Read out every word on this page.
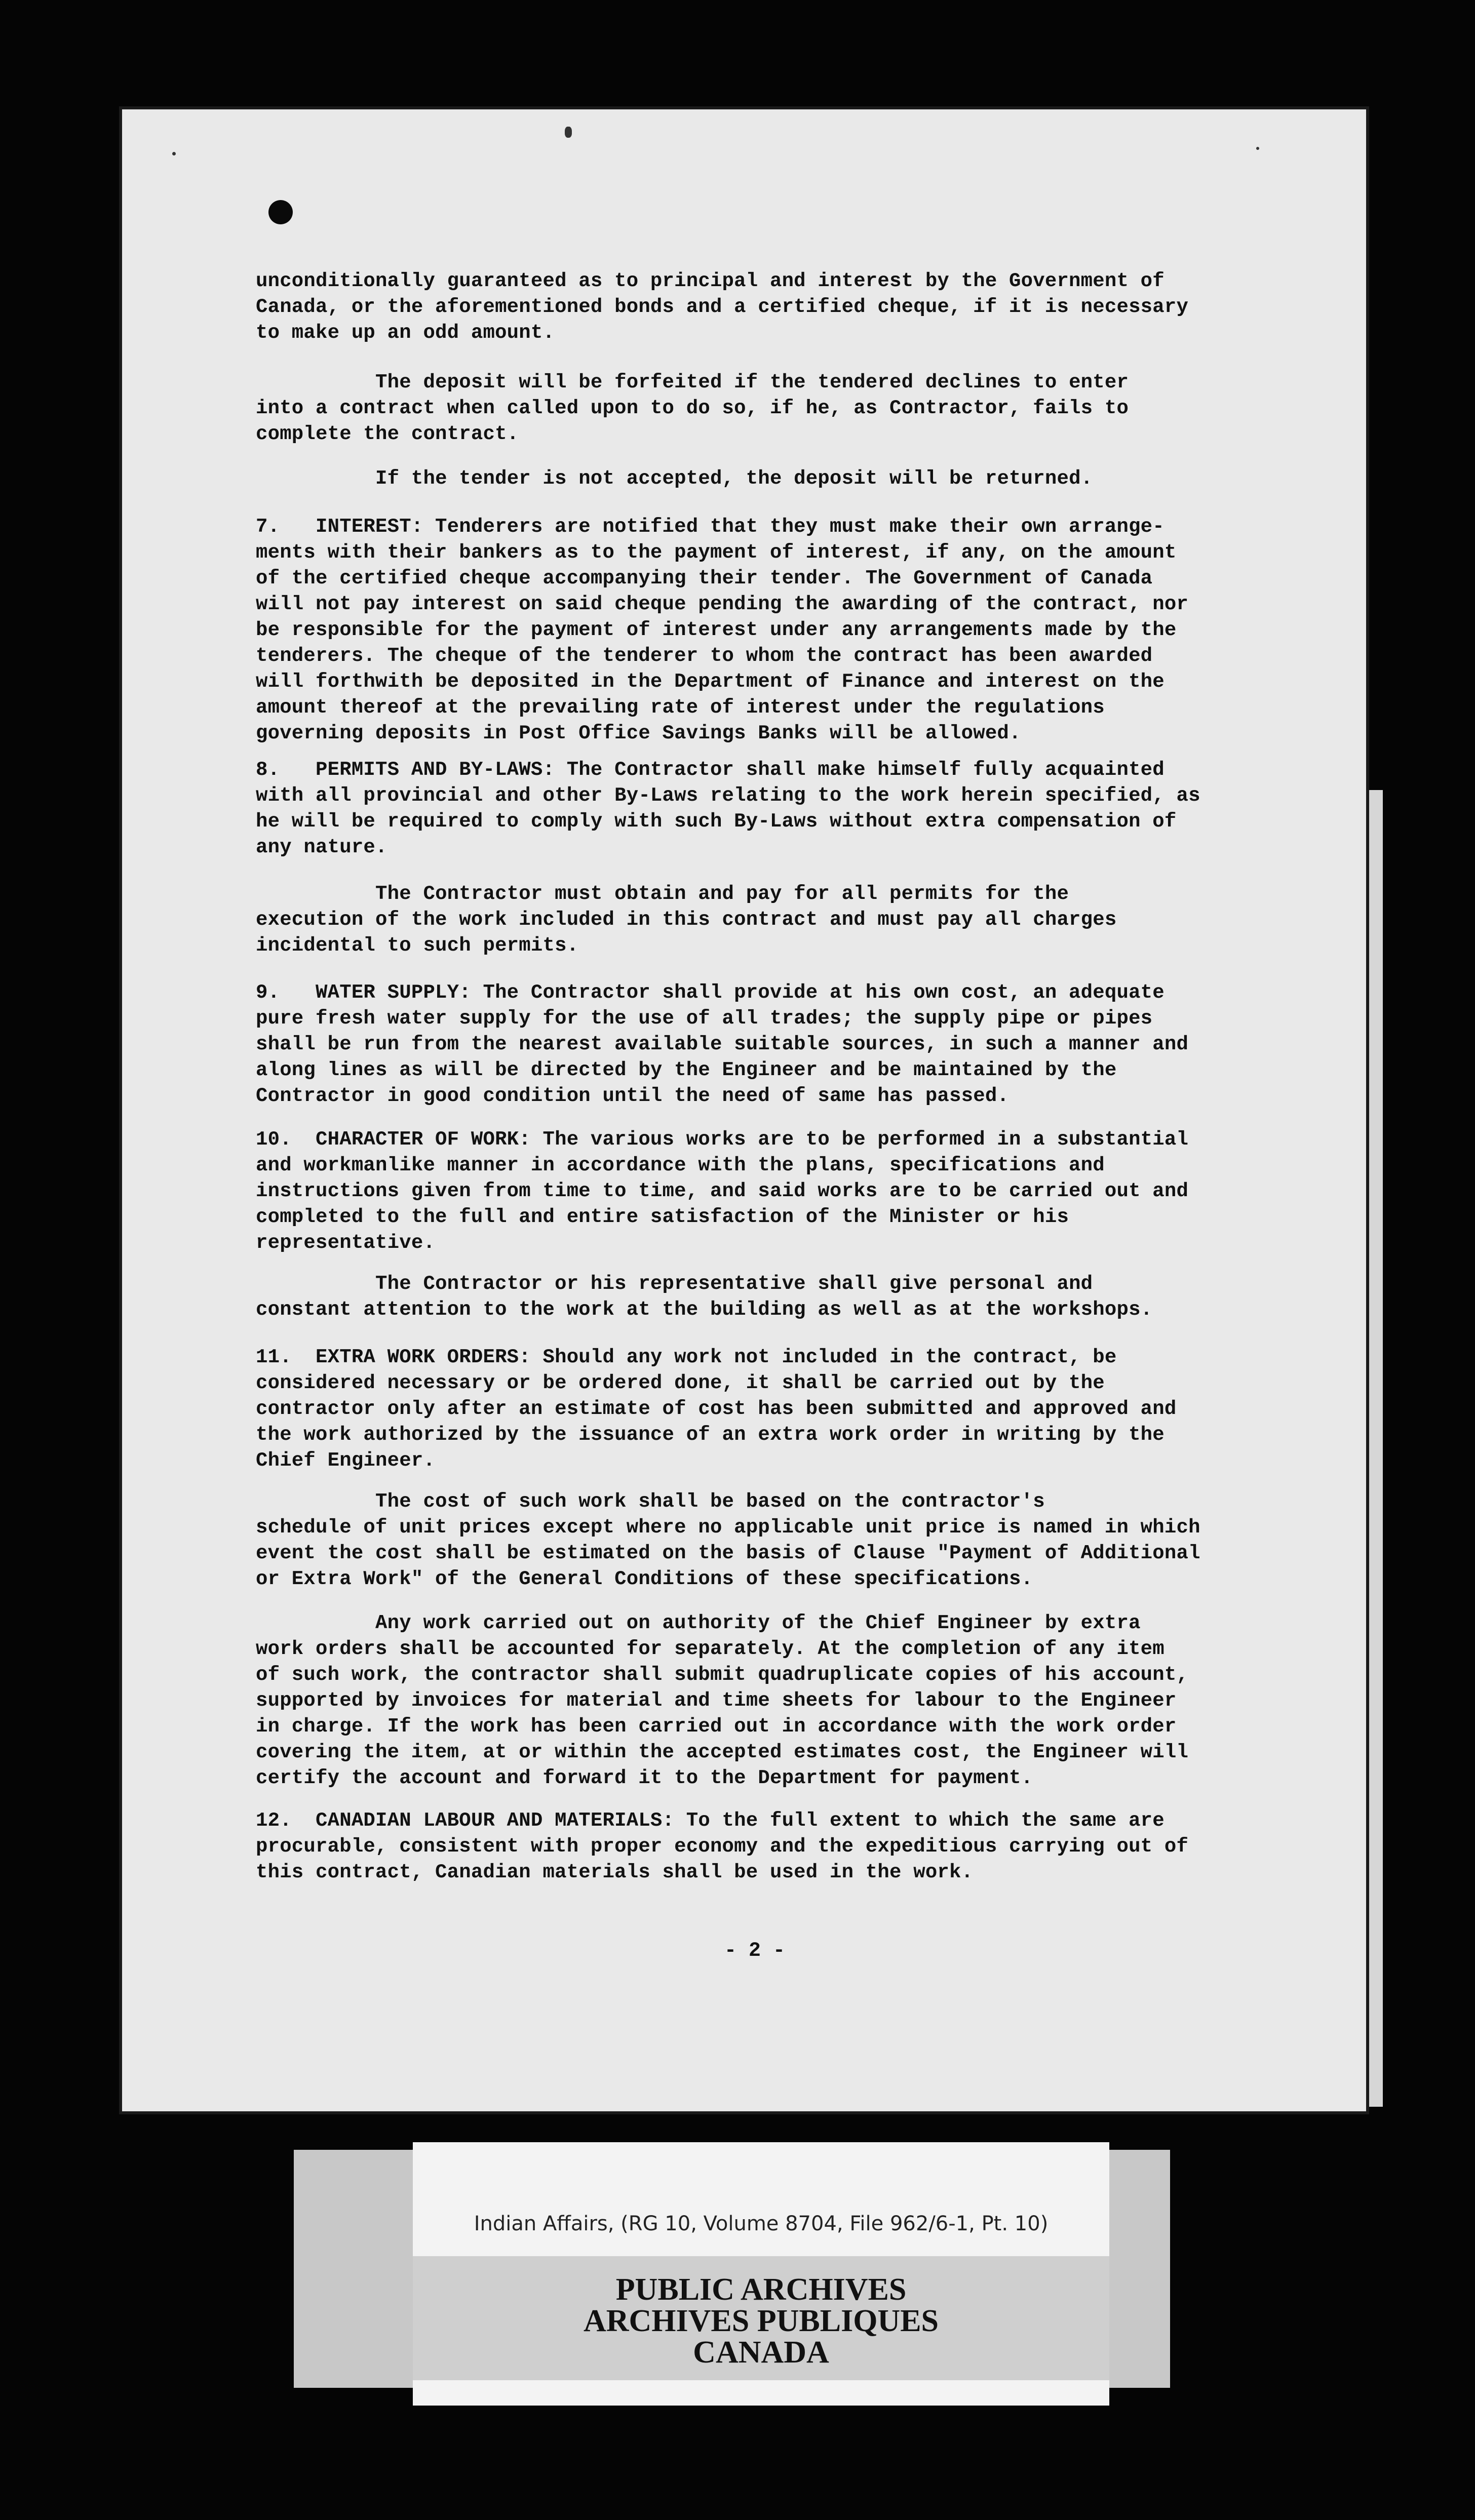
unconditionally guaranteed as to principal and interest by the Government of
Canada, or the aforementioned bonds and a certified cheque, if it is necessary
to make up an odd amount.
The deposit will be forfeited if the tendered declines to enter
into a contract when called upon to do so, if he, as Contractor, fails to
complete the contract.
If the tender is not accepted, the deposit will be returned.
7.   INTEREST: Tenderers are notified that they must make their own arrange-
ments with their bankers as to the payment of interest, if any, on the amount
of the certified cheque accompanying their tender. The Government of Canada
will not pay interest on said cheque pending the awarding of the contract, nor
be responsible for the payment of interest under any arrangements made by the
tenderers. The cheque of the tenderer to whom the contract has been awarded
will forthwith be deposited in the Department of Finance and interest on the
amount thereof at the prevailing rate of interest under the regulations
governing deposits in Post Office Savings Banks will be allowed.
8.   PERMITS AND BY-LAWS: The Contractor shall make himself fully acquainted
with all provincial and other By-Laws relating to the work herein specified, as
he will be required to comply with such By-Laws without extra compensation of
any nature.
The Contractor must obtain and pay for all permits for the
execution of the work included in this contract and must pay all charges
incidental to such permits.
9.   WATER SUPPLY: The Contractor shall provide at his own cost, an adequate
pure fresh water supply for the use of all trades; the supply pipe or pipes
shall be run from the nearest available suitable sources, in such a manner and
along lines as will be directed by the Engineer and be maintained by the
Contractor in good condition until the need of same has passed.
10.  CHARACTER OF WORK: The various works are to be performed in a substantial
and workmanlike manner in accordance with the plans, specifications and
instructions given from time to time, and said works are to be carried out and
completed to the full and entire satisfaction of the Minister or his
representative.
The Contractor or his representative shall give personal and
constant attention to the work at the building as well as at the workshops.
11.  EXTRA WORK ORDERS: Should any work not included in the contract, be
considered necessary or be ordered done, it shall be carried out by the
contractor only after an estimate of cost has been submitted and approved and
the work authorized by the issuance of an extra work order in writing by the
Chief Engineer.
The cost of such work shall be based on the contractor's
schedule of unit prices except where no applicable unit price is named in which
event the cost shall be estimated on the basis of Clause "Payment of Additional
or Extra Work" of the General Conditions of these specifications.
Any work carried out on authority of the Chief Engineer by extra
work orders shall be accounted for separately. At the completion of any item
of such work, the contractor shall submit quadruplicate copies of his account,
supported by invoices for material and time sheets for labour to the Engineer
in charge. If the work has been carried out in accordance with the work order
covering the item, at or within the accepted estimates cost, the Engineer will
certify the account and forward it to the Department for payment.
12.  CANADIAN LABOUR AND MATERIALS: To the full extent to which the same are
procurable, consistent with proper economy and the expeditious carrying out of
this contract, Canadian materials shall be used in the work.
- 2 -
Indian Affairs, (RG 10, Volume 8704, File 962/6-1, Pt. 10)
PUBLIC ARCHIVES
ARCHIVES PUBLIQUES
CANADA
